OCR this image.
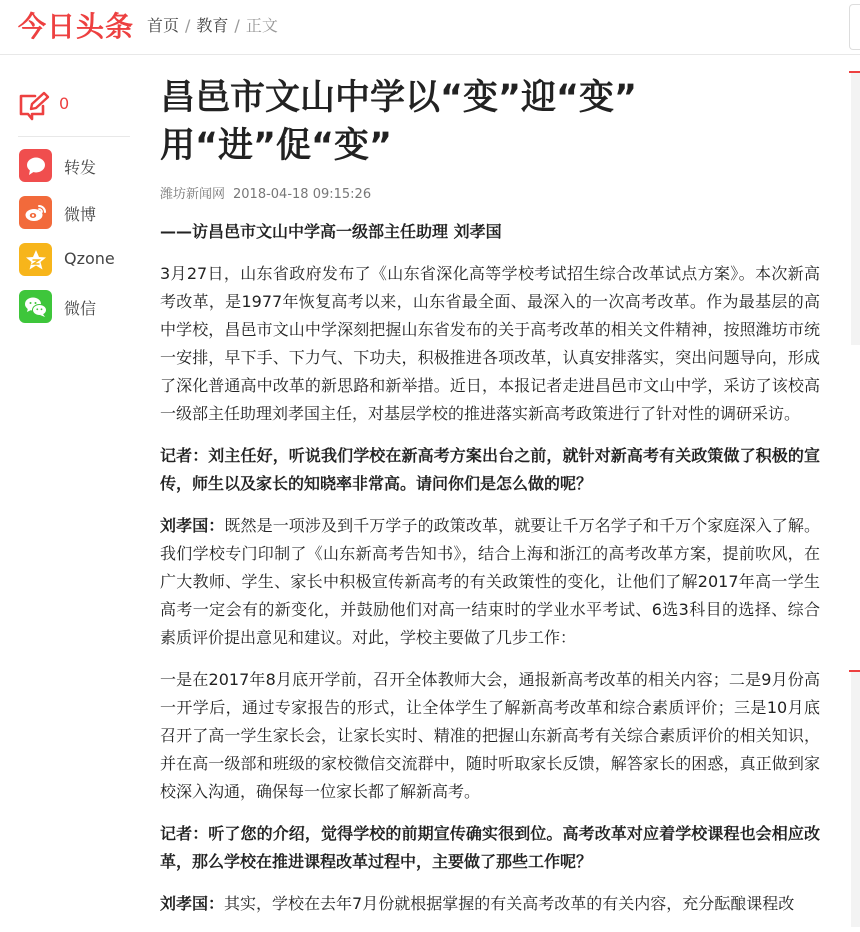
今日头条 首页 / 教育 / 正文
0
转发
微博
Qzone
微信
昌邑市文山中学以“变”迎“变”
用“进”促“变”
潍坊新闻网 2018-04-18 09:15:26

——访昌邑市文山中学高一级部主任助理 刘孝国

3月27日，山东省政府发布了《山东省深化高等学校考试招生综合改革试点方案》。本次新高考改革，是1977年恢复高考以来，山东省最全面、最深入的一次高考改革。作为最基层的高中学校，昌邑市文山中学深刻把握山东省发布的关于高考改革的相关文件精神，按照潍坊市统一安排，早下手、下力气、下功夫，积极推进各项改革，认真安排落实，突出问题导向，形成了深化普通高中改革的新思路和新举措。近日，本报记者走进昌邑市文山中学，采访了该校高一级部主任助理刘孝国主任，对基层学校的推进落实新高考政策进行了针对性的调研采访。

记者：刘主任好，听说我们学校在新高考方案出台之前，就针对新高考有关政策做了积极的宣传，师生以及家长的知晓率非常高。请问你们是怎么做的呢？

刘孝国：既然是一项涉及到千万学子的政策改革，就要让千万名学子和千万个家庭深入了解。我们学校专门印制了《山东新高考告知书》，结合上海和浙江的高考改革方案，提前吹风，在广大教师、学生、家长中积极宣传新高考的有关政策性的变化，让他们了解2017年高一学生高考一定会有的新变化，并鼓励他们对高一结束时的学业水平考试、6选3科目的选择、综合素质评价提出意见和建议。对此，学校主要做了几步工作：

一是在2017年8月底开学前，召开全体教师大会，通报新高考改革的相关内容；二是9月份高一开学后，通过专家报告的形式，让全体学生了解新高考改革和综合素质评价；三是10月底召开了高一学生家长会，让家长实时、精准的把握山东新高考有关综合素质评价的相关知识，并在高一级部和班级的家校微信交流群中，随时听取家长反馈，解答家长的困惑，真正做到家校深入沟通，确保每一位家长都了解新高考。

记者：听了您的介绍，觉得学校的前期宣传确实很到位。高考改革对应着学校课程也会相应改革，那么学校在推进课程改革过程中，主要做了那些工作呢？

刘孝国：其实，学校在去年7月份就根据掌握的有关高考改革的有关内容，充分酝酿课程改
